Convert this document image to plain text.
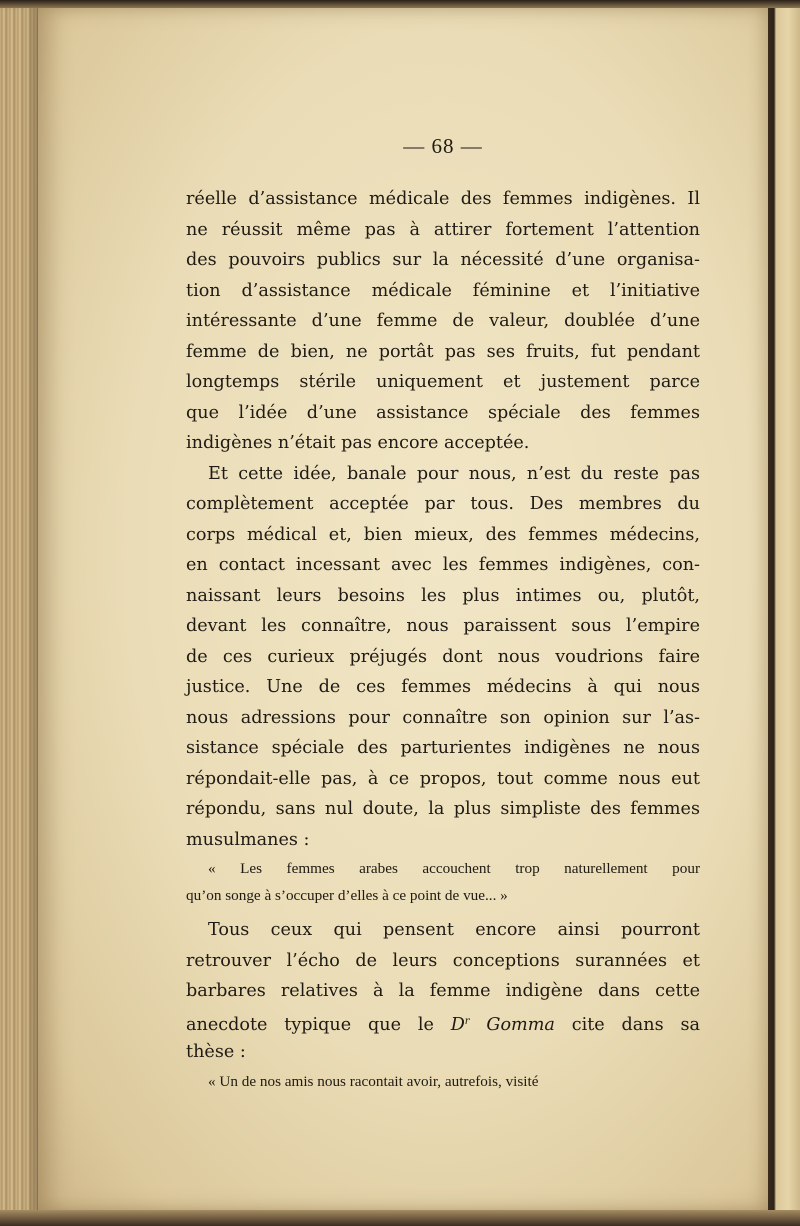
— 68 —
réelle d’assistance médicale des femmes indigènes. Il
ne réussit même pas à attirer fortement l’attention
des pouvoirs publics sur la nécessité d’une organisa-
tion d’assistance médicale féminine et l’initiative
intéressante d’une femme de valeur, doublée d’une
femme de bien, ne portât pas ses fruits, fut pendant
longtemps stérile uniquement et justement parce
que l’idée d’une assistance spéciale des femmes
indigènes n’était pas encore acceptée.
Et cette idée, banale pour nous, n’est du reste pas
complètement acceptée par tous. Des membres du
corps médical et, bien mieux, des femmes médecins,
en contact incessant avec les femmes indigènes, con-
naissant leurs besoins les plus intimes ou, plutôt,
devant les connaître, nous paraissent sous l’empire
de ces curieux préjugés dont nous voudrions faire
justice. Une de ces femmes médecins à qui nous
nous adressions pour connaître son opinion sur l’as-
sistance spéciale des parturientes indigènes ne nous
répondait-elle pas, à ce propos, tout comme nous eut
répondu, sans nul doute, la plus simpliste des femmes
musulmanes :
« Les femmes arabes accouchent trop naturellement pour
qu’on songe à s’occuper d’elles à ce point de vue... »
Tous ceux qui pensent encore ainsi pourront
retrouver l’écho de leurs conceptions surannées et
barbares relatives à la femme indigène dans cette
anecdote typique que le $D^r$ Gomma cite dans sa
thèse :
« Un de nos amis nous racontait avoir, autrefois, visité
